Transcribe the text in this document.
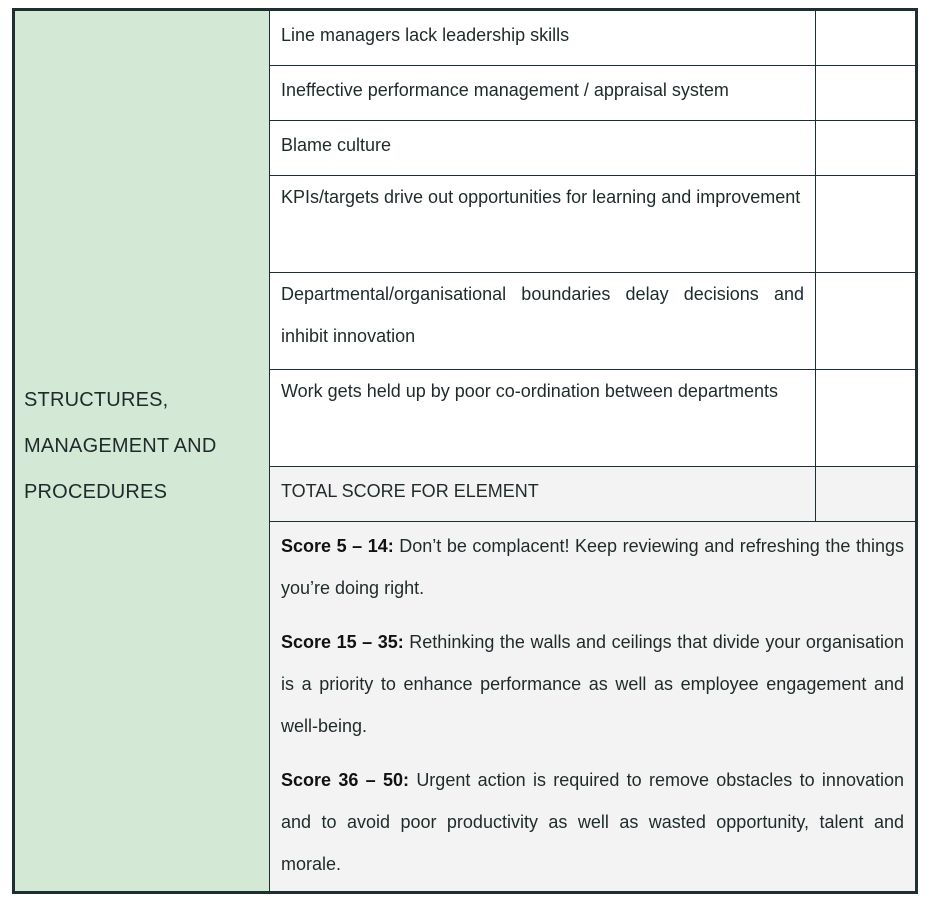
STRUCTURES, MANAGEMENT AND PROCEDURES
Line managers lack leadership skills
Ineffective performance management / appraisal system
Blame culture
KPIs/targets drive out opportunities for learning and improvement
Departmental/organisational boundaries delay decisions and inhibit innovation
Work gets held up by poor co-ordination between departments
TOTAL SCORE FOR ELEMENT

Score 5 – 14: Don’t be complacent! Keep reviewing and refreshing the things you’re doing right.

Score 15 – 35: Rethinking the walls and ceilings that divide your organisation is a priority to enhance performance as well as employee engagement and well-being.

Score 36 – 50: Urgent action is required to remove obstacles to innovation and to avoid poor productivity as well as wasted opportunity, talent and morale.
